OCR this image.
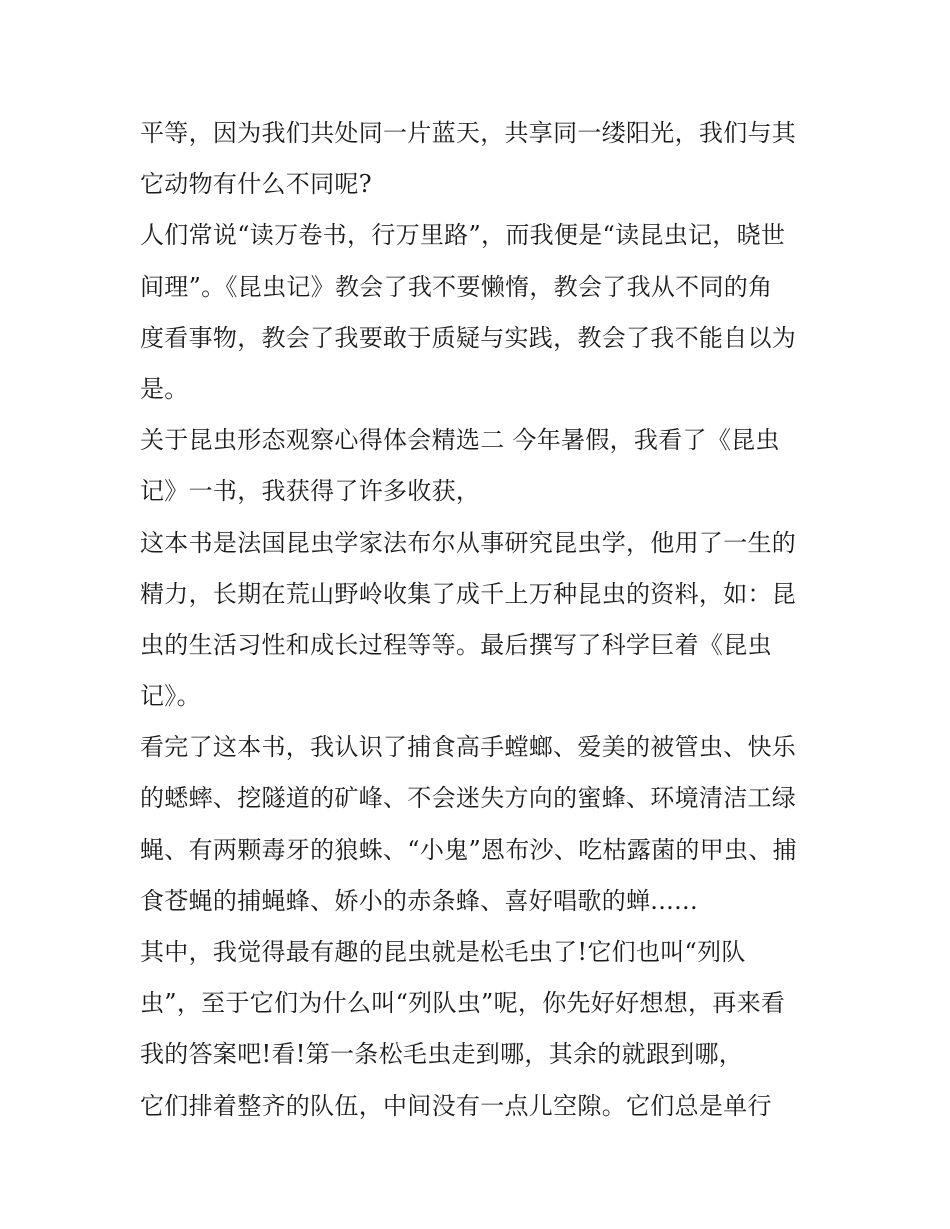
平等，因为我们共处同一片蓝天，共享同一缕阳光，我们与其
它动物有什么不同呢?
人们常说“读万卷书，行万里路”，而我便是“读昆虫记，晓世
间理”。《昆虫记》教会了我不要懒惰，教会了我从不同的角
度看事物，教会了我要敢于质疑与实践，教会了我不能自以为
是。
关于昆虫形态观察心得体会精选二 今年暑假，我看了《昆虫
记》一书，我获得了许多收获，
这本书是法国昆虫学家法布尔从事研究昆虫学，他用了一生的
精力，长期在荒山野岭收集了成千上万种昆虫的资料，如：昆
虫的生活习性和成长过程等等。最后撰写了科学巨着《昆虫
记》。
看完了这本书，我认识了捕食高手螳螂、爱美的被管虫、快乐
的蟋蟀、挖隧道的矿峰、不会迷失方向的蜜蜂、环境清洁工绿
蝇、有两颗毒牙的狼蛛、“小鬼”恩布沙、吃枯露菌的甲虫、捕
食苍蝇的捕蝇蜂、娇小的赤条蜂、喜好唱歌的蝉......
其中，我觉得最有趣的昆虫就是松毛虫了!它们也叫“列队
虫”，至于它们为什么叫“列队虫”呢，你先好好想想，再来看
我的答案吧!看!第一条松毛虫走到哪，其余的就跟到哪，
它们排着整齐的队伍，中间没有一点儿空隙。它们总是单行
